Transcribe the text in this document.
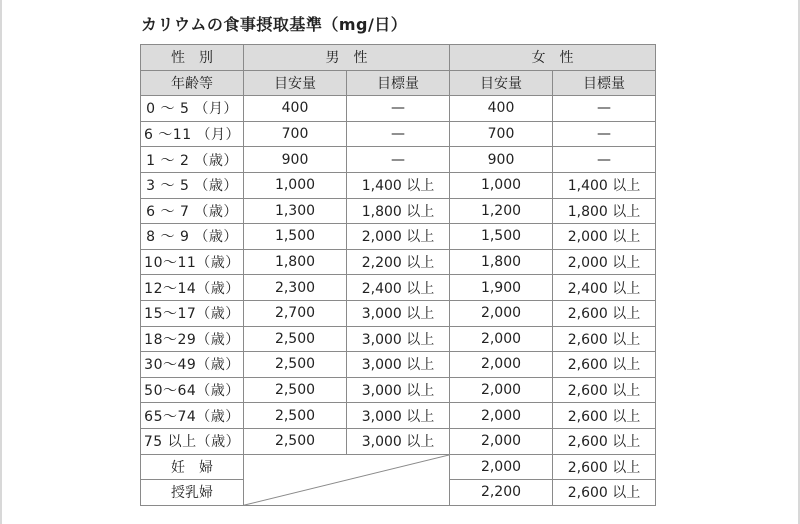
カリウムの食事摂取基準（mg/日）
性　別	男　性		女　性	
年齢等	目安量	目標量	目安量	目標量
0 ～ 5 （月）	400	—	400	—
6 ～11 （月）	700	—	700	—
1 ～ 2 （歳）	900	—	900	—
3 ～ 5 （歳）	1,000	1,400 以上	1,000	1,400 以上
6 ～ 7 （歳）	1,300	1,800 以上	1,200	1,800 以上
8 ～ 9 （歳）	1,500	2,000 以上	1,500	2,000 以上
10～11（歳）	1,800	2,200 以上	1,800	2,000 以上
12～14（歳）	2,300	2,400 以上	1,900	2,400 以上
15～17（歳）	2,700	3,000 以上	2,000	2,600 以上
18～29（歳）	2,500	3,000 以上	2,000	2,600 以上
30～49（歳）	2,500	3,000 以上	2,000	2,600 以上
50～64（歳）	2,500	3,000 以上	2,000	2,600 以上
65～74（歳）	2,500	3,000 以上	2,000	2,600 以上
75 以上（歳）	2,500	3,000 以上	2,000	2,600 以上
妊　婦			2,000	2,600 以上
授乳婦			2,200	2,600 以上
